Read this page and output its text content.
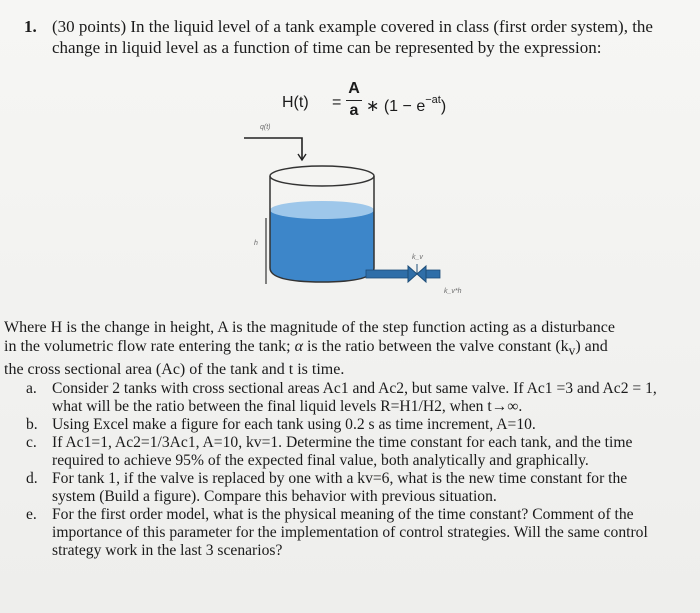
1. (30 points) In the liquid level of a tank example covered in class (first order system), the change in liquid level as a function of time can be represented by the expression:
H(t) =
A
a ∗ $(1 - e^{-at})$
q(t)
h
k_v
k_v*h
Where H is the change in height, A is the magnitude of the step function acting as a disturbance
in the volumetric flow rate entering the tank; α is the ratio between the valve constant $(k_v)$ and
the cross sectional area (Ac) of the tank and t is time.
a. Consider 2 tanks with cross sectional areas Ac1 and Ac2, but same valve. If Ac1 =3 and Ac2 = 1, what will be the ratio between the final liquid levels R=H1/H2, when t→∞.
b. Using Excel make a figure for each tank using 0.2 s as time increment, A=10.
c. If Ac1=1, Ac2=1/3Ac1, A=10, kv=1. Determine the time constant for each tank, and the time required to achieve 95% of the expected final value, both analytically and graphically.
d. For tank 1, if the valve is replaced by one with a kv=6, what is the new time constant for the system (Build a figure). Compare this behavior with previous situation.
e. For the first order model, what is the physical meaning of the time constant? Comment of the importance of this parameter for the implementation of control strategies. Will the same control strategy work in the last 3 scenarios?
